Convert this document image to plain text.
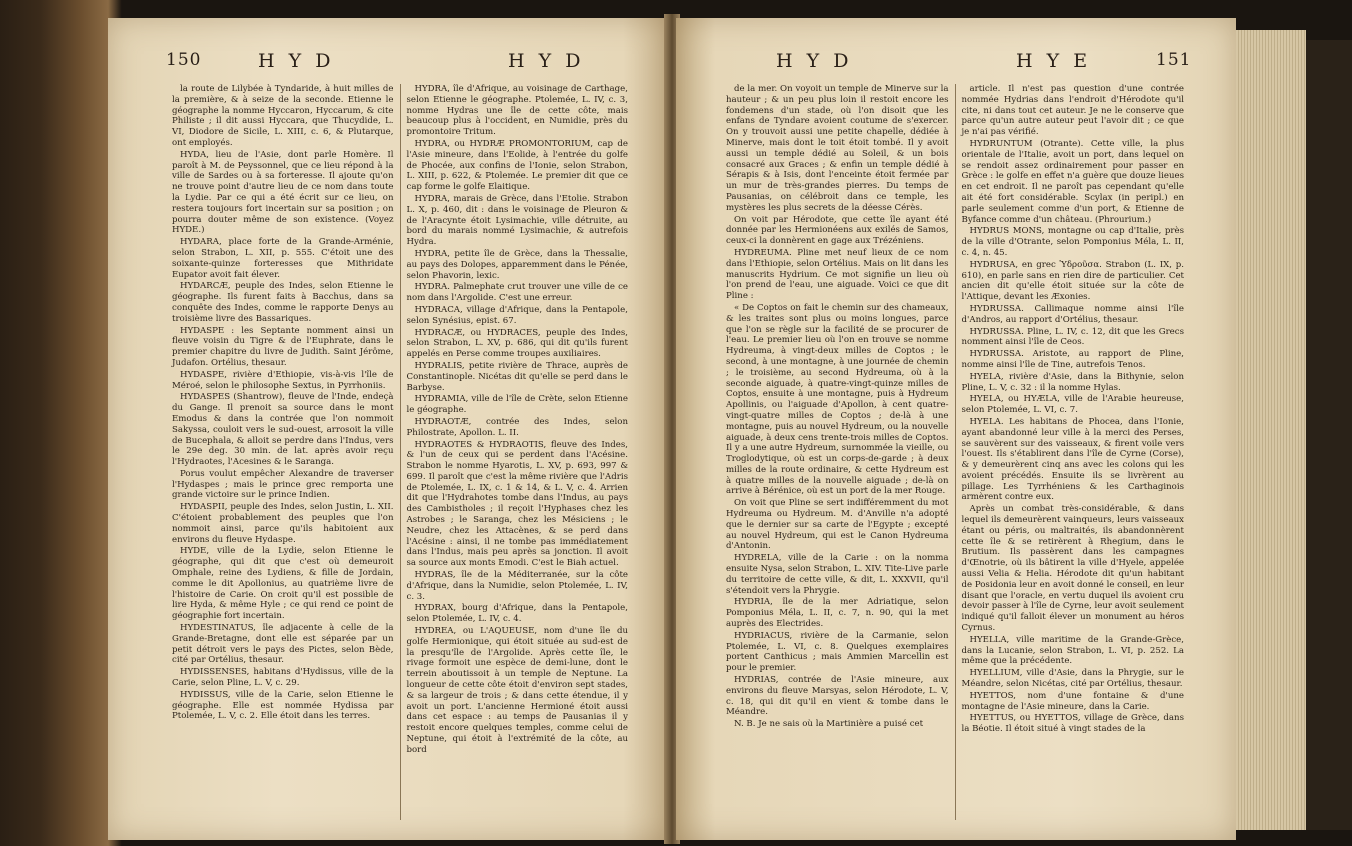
150	H Y D	H Y D

la route de Lilybée à Tyndaride, à huit milles de la première, & à seize de la seconde. Etienne le géographe la nomme Hyccaron, Hyccarum, & cite Philiste ; il dit aussi Hyccara, que Thucydide, L. VI, Diodore de Sicile, L. XIII, c. 6, & Plutarque, ont employés.

HYDA, lieu de l'Asie, dont parle Homère. Il paroît à M. de Peyssonnel, que ce lieu répond à la ville de Sardes ou à sa forteresse. Il ajoute qu'on ne trouve point d'autre lieu de ce nom dans toute la Lydie. Par ce qui a été écrit sur ce lieu, on restera toujours fort incertain sur sa position ; on pourra douter même de son existence. (Voyez HYDE.)

HYDARA, place forte de la Grande-Arménie, selon Strabon, L. XII, p. 555. C'étoit une des soixante-quinze forteresses que Mithridate Eupator avoit fait élever.

HYDARCÆ, peuple des Indes, selon Etienne le géographe. Ils furent faits à Bacchus, dans sa conquête des Indes, comme le rapporte Denys au troisième livre des Bassariques.

HYDASPE : les Septante nomment ainsi un fleuve voisin du Tigre & de l'Euphrate, dans le premier chapitre du livre de Judith. Saint Jérôme, Judafon. Ortélius, thesaur.

HYDASPE, rivière d'Ethiopie, vis-à-vis l'île de Méroé, selon le philosophe Sextus, in Pyrrhoniis.

HYDASPES (Shantrow), fleuve de l'Inde, endeçà du Gange. Il prenoit sa source dans le mont Emodus & dans la contrée que l'on nommoit Sakyssa, couloit vers le sud-ouest, arrosoit la ville de Bucephala, & alloit se perdre dans l'Indus, vers le 29e deg. 30 min. de lat. après avoir reçu l'Hydraotes, l'Acesines & le Saranga.

Porus voulut empêcher Alexandre de traverser l'Hydaspes ; mais le prince grec remporta une grande victoire sur le prince Indien.

HYDASPII, peuple des Indes, selon Justin, L. XII. C'étoient probablement des peuples que l'on nommoit ainsi, parce qu'ils habitoient aux environs du fleuve Hydaspe.

HYDE, ville de la Lydie, selon Etienne le géographe, qui dit que c'est où demeuroit Omphale, reine des Lydiens, & fille de Jordain, comme le dit Apollonius, au quatrième livre de l'histoire de Carie. On croit qu'il est possible de lire Hyda, & même Hyle ; ce qui rend ce point de géographie fort incertain.

HYDESTINATUS, île adjacente à celle de la Grande-Bretagne, dont elle est séparée par un petit détroit vers le pays des Pictes, selon Bède, cité par Ortélius, thesaur.

HYDISSENSES, habitans d'Hydissus, ville de la Carie, selon Pline, L. V, c. 29.

HYDISSUS, ville de la Carie, selon Etienne le géographe. Elle est nommée Hydissa par Ptolemée, L. V, c. 2. Elle étoit dans les terres.

HYDRA, île d'Afrique, au voisinage de Carthage, selon Etienne le géographe. Ptolemée, L. IV, c. 3, nomme Hydras une île de cette côte, mais beaucoup plus à l'occident, en Numidie, près du promontoire Tritum.

HYDRA, ou HYDRÆ PROMONTORIUM, cap de l'Asie mineure, dans l'Eolide, à l'entrée du golfe de Phocée, aux confins de l'Ionie, selon Strabon, L. XIII, p. 622, & Ptolemée. Le premier dit que ce cap forme le golfe Elaitique.

HYDRA, marais de Grèce, dans l'Etolie. Strabon L. X, p. 460, dit : dans le voisinage de Pleuron & de l'Aracynte étoit Lysimachie, ville détruite, au bord du marais nommé Lysimachie, & autrefois Hydra.

HYDRA, petite île de Grèce, dans la Thessalie, au pays des Dolopes, apparemment dans le Pénée, selon Phavorin, lexic.

HYDRA. Palmephate crut trouver une ville de ce nom dans l'Argolide. C'est une erreur.

HYDRACA, village d'Afrique, dans la Pentapole, selon Synésius, epist. 67.

HYDRACÆ, ou HYDRACES, peuple des Indes, selon Strabon, L. XV, p. 686, qui dit qu'ils furent appelés en Perse comme troupes auxiliaires.

HYDRALIS, petite rivière de Thrace, auprès de Constantinople. Nicétas dit qu'elle se perd dans le Barbyse.

HYDRAMIA, ville de l'île de Crète, selon Etienne le géographe.

HYDRAOTÆ, contrée des Indes, selon Philostrate, Apollon. L. II.

HYDRAOTES & HYDRAOTIS, fleuve des Indes, & l'un de ceux qui se perdent dans l'Acésine. Strabon le nomme Hyarotis, L. XV, p. 693, 997 & 699. Il paroît que c'est la même rivière que l'Adris de Ptolemée, L. IX, c. 1 & 14, & L. V, c. 4. Arrien dit que l'Hydrahotes tombe dans l'Indus, au pays des Cambistholes ; il reçoit l'Hyphases chez les Astrobes ; le Saranga, chez les Mésiciens ; le Neudre, chez les Attacènes, & se perd dans l'Acésine : ainsi, il ne tombe pas immédiatement dans l'Indus, mais peu après sa jonction. Il avoit sa source aux monts Emodi. C'est le Biah actuel.

HYDRAS, île de la Méditerranée, sur la côte d'Afrique, dans la Numidie, selon Ptolemée, L. IV, c. 3.

HYDRAX, bourg d'Afrique, dans la Pentapole, selon Ptolemée, L. IV, c. 4.

HYDREA, ou L'AQUEUSE, nom d'une île du golfe Hermionique, qui étoit située au sud-est de la presqu'île de l'Argolide. Après cette île, le rivage formoit une espèce de demi-lune, dont le terrein aboutissoit à un temple de Neptune. La longueur de cette côte étoit d'environ sept stades, & sa largeur de trois ; & dans cette étendue, il y avoit un port. L'ancienne Hermioné étoit aussi dans cet espace : au temps de Pausanias il y restoit encore quelques temples, comme celui de Neptune, qui étoit à l'extrémité de la côte, au bord

H Y D	H Y E	151

de la mer. On voyoit un temple de Minerve sur la hauteur ; & un peu plus loin il restoit encore les fondemens d'un stade, où l'on disoit que les enfans de Tyndare avoient coutume de s'exercer. On y trouvoit aussi une petite chapelle, dédiée à Minerve, mais dont le toit étoit tombé. Il y avoit aussi un temple dédié au Soleil, & un bois consacré aux Graces ; & enfin un temple dédié à Sérapis & à Isis, dont l'enceinte étoit fermée par un mur de très-grandes pierres. Du temps de Pausanias, on célébroit dans ce temple, les mystères les plus secrets de la déesse Cérès.

On voit par Hérodote, que cette île ayant été donnée par les Hermionéens aux exilés de Samos, ceux-ci la donnèrent en gage aux Trézéniens.

HYDREUMA. Pline met neuf lieux de ce nom dans l'Ethiopie, selon Ortélius. Mais on lit dans les manuscrits Hydrium. Ce mot signifie un lieu où l'on prend de l'eau, une aiguade. Voici ce que dit Pline :

« De Coptos on fait le chemin sur des chameaux, & les traites sont plus ou moins longues, parce que l'on se règle sur la facilité de se procurer de l'eau. Le premier lieu où l'on en trouve se nomme Hydreuma, à vingt-deux milles de Coptos ; le second, à une montagne, à une journée de chemin ; le troisième, au second Hydreuma, où à la seconde aiguade, à quatre-vingt-quinze milles de Coptos, ensuite à une montagne, puis à Hydreum Apollinis, ou l'aiguade d'Apollon, à cent quatre-vingt-quatre milles de Coptos ; de-là à une montagne, puis au nouvel Hydreum, ou la nouvelle aiguade, à deux cens trente-trois milles de Coptos. Il y a une autre Hydreum, surnommée la vieille, ou Troglodytique, où est un corps-de-garde ; à deux milles de la route ordinaire, & cette Hydreum est à quatre milles de la nouvelle aiguade ; de-là on arrive à Bérénice, où est un port de la mer Rouge.

On voit que Pline se sert indifféremment du mot Hydreuma ou Hydreum. M. d'Anville n'a adopté que le dernier sur sa carte de l'Egypte ; excepté au nouvel Hydreum, qui est le Canon Hydreuma d'Antonin.

HYDRELA, ville de la Carie : on la nomma ensuite Nysa, selon Strabon, L. XIV. Tite-Live parle du territoire de cette ville, & dit, L. XXXVII, qu'il s'étendoit vers la Phrygie.

HYDRIA, île de la mer Adriatique, selon Pomponius Méla, L. II, c. 7, n. 90, qui la met auprès des Electrides.

HYDRIACUS, rivière de la Carmanie, selon Ptolemée, L. VI, c. 8. Quelques exemplaires portent Canthicus ; mais Ammien Marcellin est pour le premier.

HYDRIAS, contrée de l'Asie mineure, aux environs du fleuve Marsyas, selon Hérodote, L. V, c. 18, qui dit qu'il en vient & tombe dans le Méandre.

N. B. Je ne sais où la Martinière a puisé cet

article. Il n'est pas question d'une contrée nommée Hydrias dans l'endroit d'Hérodote qu'il cite, ni dans tout cet auteur. Je ne le conserve que parce qu'un autre auteur peut l'avoir dit ; ce que je n'ai pas vérifié.

HYDRUNTUM (Otrante). Cette ville, la plus orientale de l'Italie, avoit un port, dans lequel on se rendoit assez ordinairement pour passer en Grèce : le golfe en effet n'a guère que douze lieues en cet endroit. Il ne paroît pas cependant qu'elle ait été fort considérable. Scylax (in peripl.) en parle seulement comme d'un port, & Etienne de Byfance comme d'un château. (Phrourium.)

HYDRUS MONS, montagne ou cap d'Italie, près de la ville d'Otrante, selon Pomponius Méla, L. II, c. 4, n. 45.

HYDRUSA, en grec Ὑδροῦσα. Strabon (L. IX, p. 610), en parle sans en rien dire de particulier. Cet ancien dit qu'elle étoit située sur la côte de l'Attique, devant les Æxonies.

HYDRUSSA. Callimaque nomme ainsi l'île d'Andros, au rapport d'Ortélius, thesaur.

HYDRUSSA. Pline, L. IV, c. 12, dit que les Grecs nomment ainsi l'île de Ceos.

HYDRUSSA. Aristote, au rapport de Pline, nomme ainsi l'île de Tine, autrefois Tenos.

HYELA, rivière d'Asie, dans la Bithynie, selon Pline, L. V, c. 32 : il la nomme Hylas.

HYELA, ou HYÆLA, ville de l'Arabie heureuse, selon Ptolemée, L. VI, c. 7.

HYELA. Les habitans de Phocea, dans l'Ionie, ayant abandonné leur ville à la merci des Perses, se sauvèrent sur des vaisseaux, & firent voile vers l'ouest. Ils s'établirent dans l'île de Cyrne (Corse), & y demeurèrent cinq ans avec les colons qui les avoient précédés. Ensuite ils se livrèrent au pillage. Les Tyrrhéniens & les Carthaginois armèrent contre eux.

Après un combat très-considérable, & dans lequel ils demeurèrent vainqueurs, leurs vaisseaux étant ou péris, ou maltraités, ils abandonnèrent cette île & se retirèrent à Rhegium, dans le Brutium. Ils passèrent dans les campagnes d'Œnotrie, où ils bâtirent la ville d'Hyele, appelée aussi Velia & Helia. Hérodote dit qu'un habitant de Posidonia leur en avoit donné le conseil, en leur disant que l'oracle, en vertu duquel ils avoient cru devoir passer à l'île de Cyrne, leur avoit seulement indiqué qu'il falloit élever un monument au héros Cyrnus.

HYELLA, ville maritime de la Grande-Grèce, dans la Lucanie, selon Strabon, L. VI, p. 252. La même que la précédente.

HYELLIUM, ville d'Asie, dans la Phrygie, sur le Méandre, selon Nicétas, cité par Ortélius, thesaur.

HYETTOS, nom d'une fontaine & d'une montagne de l'Asie mineure, dans la Carie.

HYETTUS, ou HYETTOS, village de Grèce, dans la Béotie. Il étoit situé à vingt stades de la
